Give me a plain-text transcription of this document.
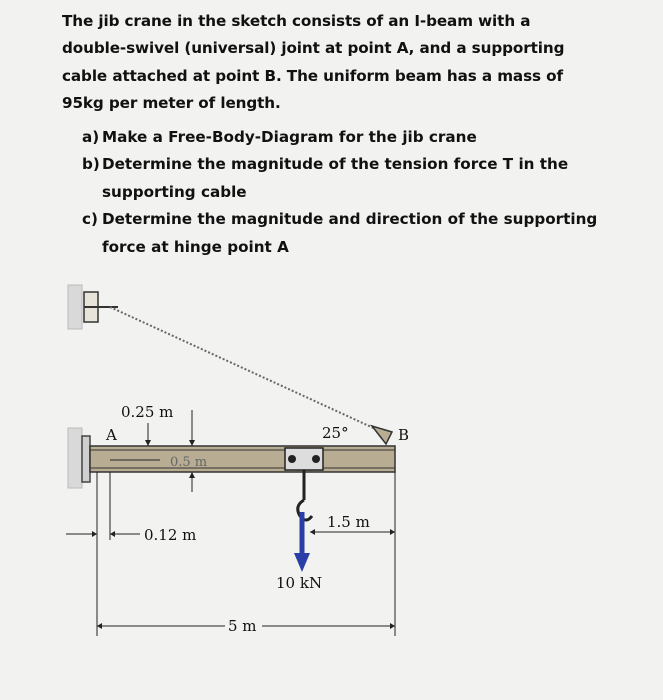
The jib crane in the sketch consists of an I-beam with a
double-swivel (universal) joint at point A, and a supporting
cable attached at point B. The uniform beam has a mass of
95kg per meter of length.
a) Make a Free-Body-Diagram for the jib crane
b) Determine the magnitude of the tension force T in the
supporting cable
c) Determine the magnitude and direction of the supporting
force at hinge point A
0.25 m
A
0.5 m
0.12 m
25°	B
1.5 m
10 kN
5 m
